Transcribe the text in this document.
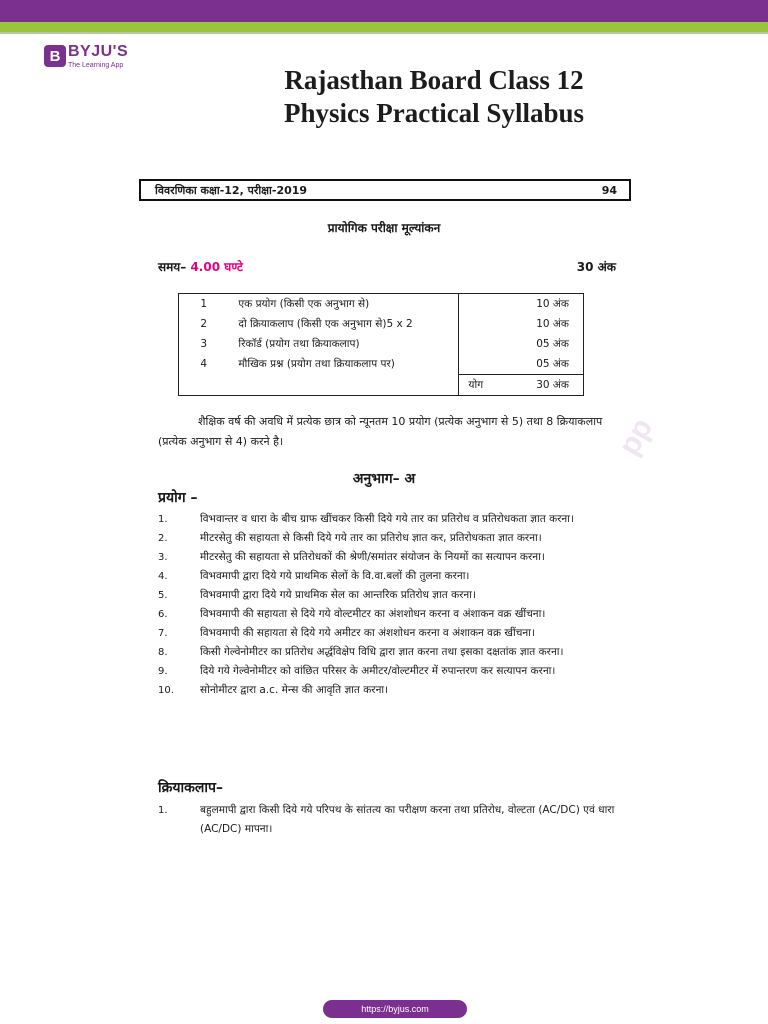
B BYJU'S
The Learning App	Rajasthan Board Class 12
Physics Practical Syllabus
विवरणिका कक्षा-12, परीक्षा-2019	94
प्रायोगिक परीक्षा मूल्यांकन
समय– 4.00 घण्टे	30 अंक
1	एक प्रयोग (किसी एक अनुभाग से)		10 अंक
2	दो क्रियाकलाप (किसी एक अनुभाग से)5 x 2		10 अंक
3	रिकॉर्ड (प्रयोग तथा क्रियाकलाप)		05 अंक
4	मौखिक प्रश्न (प्रयोग तथा क्रियाकलाप पर)		05 अंक
		योग	30 अंक
शैक्षिक वर्ष की अवधि में प्रत्येक छात्र को न्यूनतम 10 प्रयोग (प्रत्येक अनुभाग से 5) तथा 8 क्रियाकलाप (प्रत्येक अनुभाग से 4) करने है।	pp
अनुभाग– अ
प्रयोग –
1.	विभवान्तर व धारा के बीच ग्राफ खींचकर किसी दिये गये तार का प्रतिरोध व प्रतिरोधकता ज्ञात करना।
2.	मीटरसेतु की सहायता से किसी दिये गये तार का प्रतिरोध ज्ञात कर, प्रतिरोधकता ज्ञात करना।
3.	मीटरसेतु की सहायता से प्रतिरोधकों की श्रेणी/समांतर संयोजन के नियमों का सत्यापन करना।
4.	विभवमापी द्वारा दिये गये प्राथमिक सेलों के वि.वा.बलों की तुलना करना।
5.	विभवमापी द्वारा दिये गये प्राथमिक सेल का आन्तरिक प्रतिरोध ज्ञात करना।
6.	विभवमापी की सहायता से दिये गये वोल्टमीटर का अंशशोधन करना व अंशाकन वक्र खींचना।
7.	विभवमापी की सहायता से दिये गये अमीटर का अंशशोधन करना व अंशाकन वक्र खींचना।
8.	किसी गेल्वेनोमीटर का प्रतिरोध अर्द्धविक्षेप विधि द्वारा ज्ञात करना तथा इसका दक्षतांक ज्ञात करना।
9.	दिये गये गेल्वेनोमीटर को वांछित परिसर के अमीटर/वोल्टमीटर में रुपान्तरण कर सत्यापन करना।
10.	सोनोमीटर द्वारा a.c. मेन्स की आवृति ज्ञात करना।
क्रियाकलाप–
1.	बहुलमापी द्वारा किसी दिये गये परिपथ के सांतत्य का परीक्षण करना तथा प्रतिरोध, वोल्टता (AC/DC) एवं धारा (AC/DC) मापना।
https://byjus.com
